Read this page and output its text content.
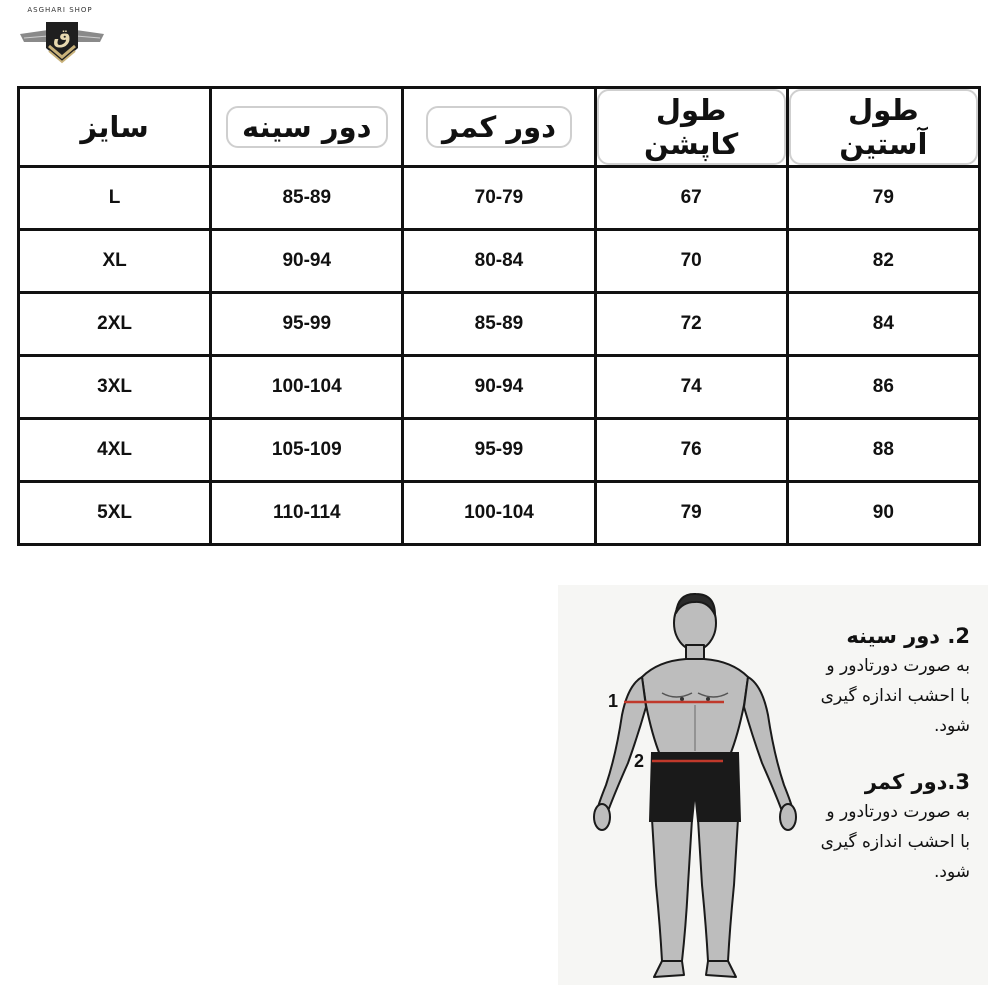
ASGHARI SHOP
ق
سایز	دور سینه	دور کمر	طول کاپشن	طول آستین
L	85-89	70-79	67	79
XL	90-94	80-84	70	82
2XL	95-99	85-89	72	84
3XL	100-104	90-94	74	86
4XL	105-109	95-99	76	88
5XL	110-114	100-104	79	90
1
2
2. دور سینه
به صورت دورتادور و
با احشب اندازه گیری
شود.
3.دور کمر
به صورت دورتادور و
با احشب اندازه گیری
شود.
